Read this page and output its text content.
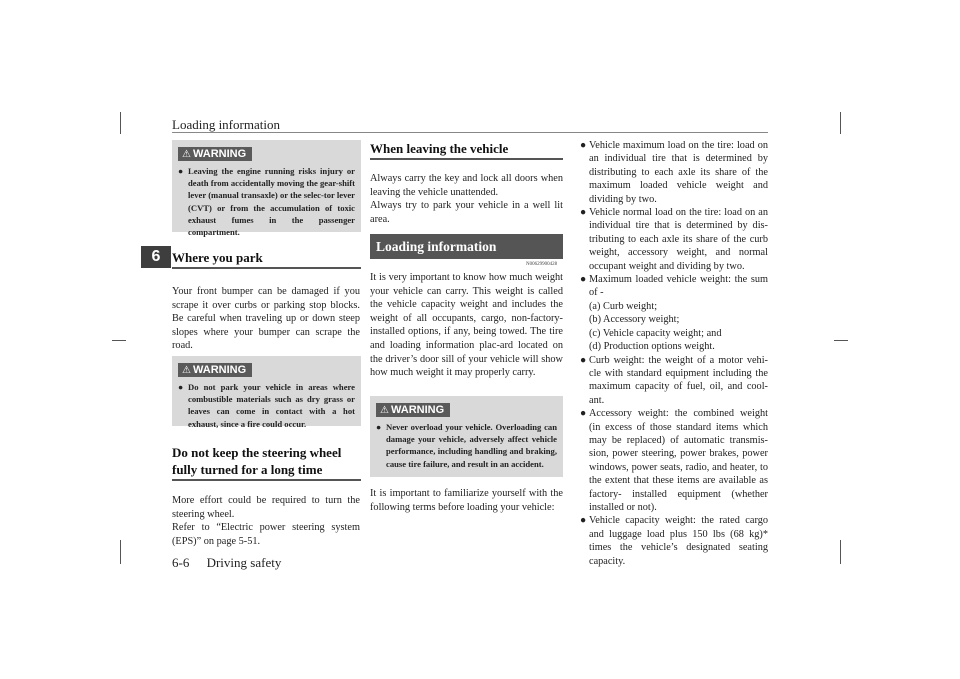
Loading information
6
⚠ WARNING

● Leaving the engine running risks injury or death from accidentally moving the gear-shift lever (manual transaxle) or the selec-tor lever (CVT) or from the accumulation of toxic exhaust fumes in the passenger compartment.

Where you park

Your front bumper can be damaged if you scrape it over curbs or parking stop blocks. Be careful when traveling up or down steep slopes where your bumper can scrape the road.

⚠ WARNING

● Do not park your vehicle in areas where combustible materials such as dry grass or leaves can come in contact with a hot exhaust, since a fire could occur.

Do not keep the steering wheel fully turned for a long time

More effort could be required to turn the steering wheel.

Refer to “Electric power steering system (EPS)” on page 5-51.

When leaving the vehicle

Always carry the key and lock all doors when leaving the vehicle unattended.

Always try to park your vehicle in a well lit area.

Loading information
N00629900428

It is very important to know how much weight your vehicle can carry. This weight is called the vehicle capacity weight and includes the weight of all occupants, cargo, non-factory-installed options, if any, being towed. The tire and loading information plac-ard located on the driver’s door sill of your vehicle will show how much weight it may properly carry.

⚠ WARNING

● Never overload your vehicle. Overloading can damage your vehicle, adversely affect vehicle performance, including handling and braking, cause tire failure, and result in an accident.

It is important to familiarize yourself with the following terms before loading your vehicle:

● Vehicle maximum load on the tire: load on an individual tire that is determined by distributing to each axle its share of the maximum loaded vehicle weight and dividing by two.
● Vehicle normal load on the tire: load on an individual tire that is determined by dis-tributing to each axle its share of the curb weight, accessory weight, and normal occupant weight and dividing by two.
● Maximum loaded vehicle weight: the sum of -
(a) Curb weight;
(b) Accessory weight;
(c) Vehicle capacity weight; and
(d) Production options weight.
● Curb weight: the weight of a motor vehi-cle with standard equipment including the maximum capacity of fuel, oil, and cool-ant.
● Accessory weight: the combined weight (in excess of those standard items which may be replaced) of automatic transmis-sion, power steering, power brakes, power windows, power seats, radio, and heater, to the extent that these items are available as factory- installed equipment (whether installed or not).
● Vehicle capacity weight: the rated cargo and luggage load plus 150 lbs (68 kg)* times the vehicle’s designated seating capacity.
6-6 Driving safety
